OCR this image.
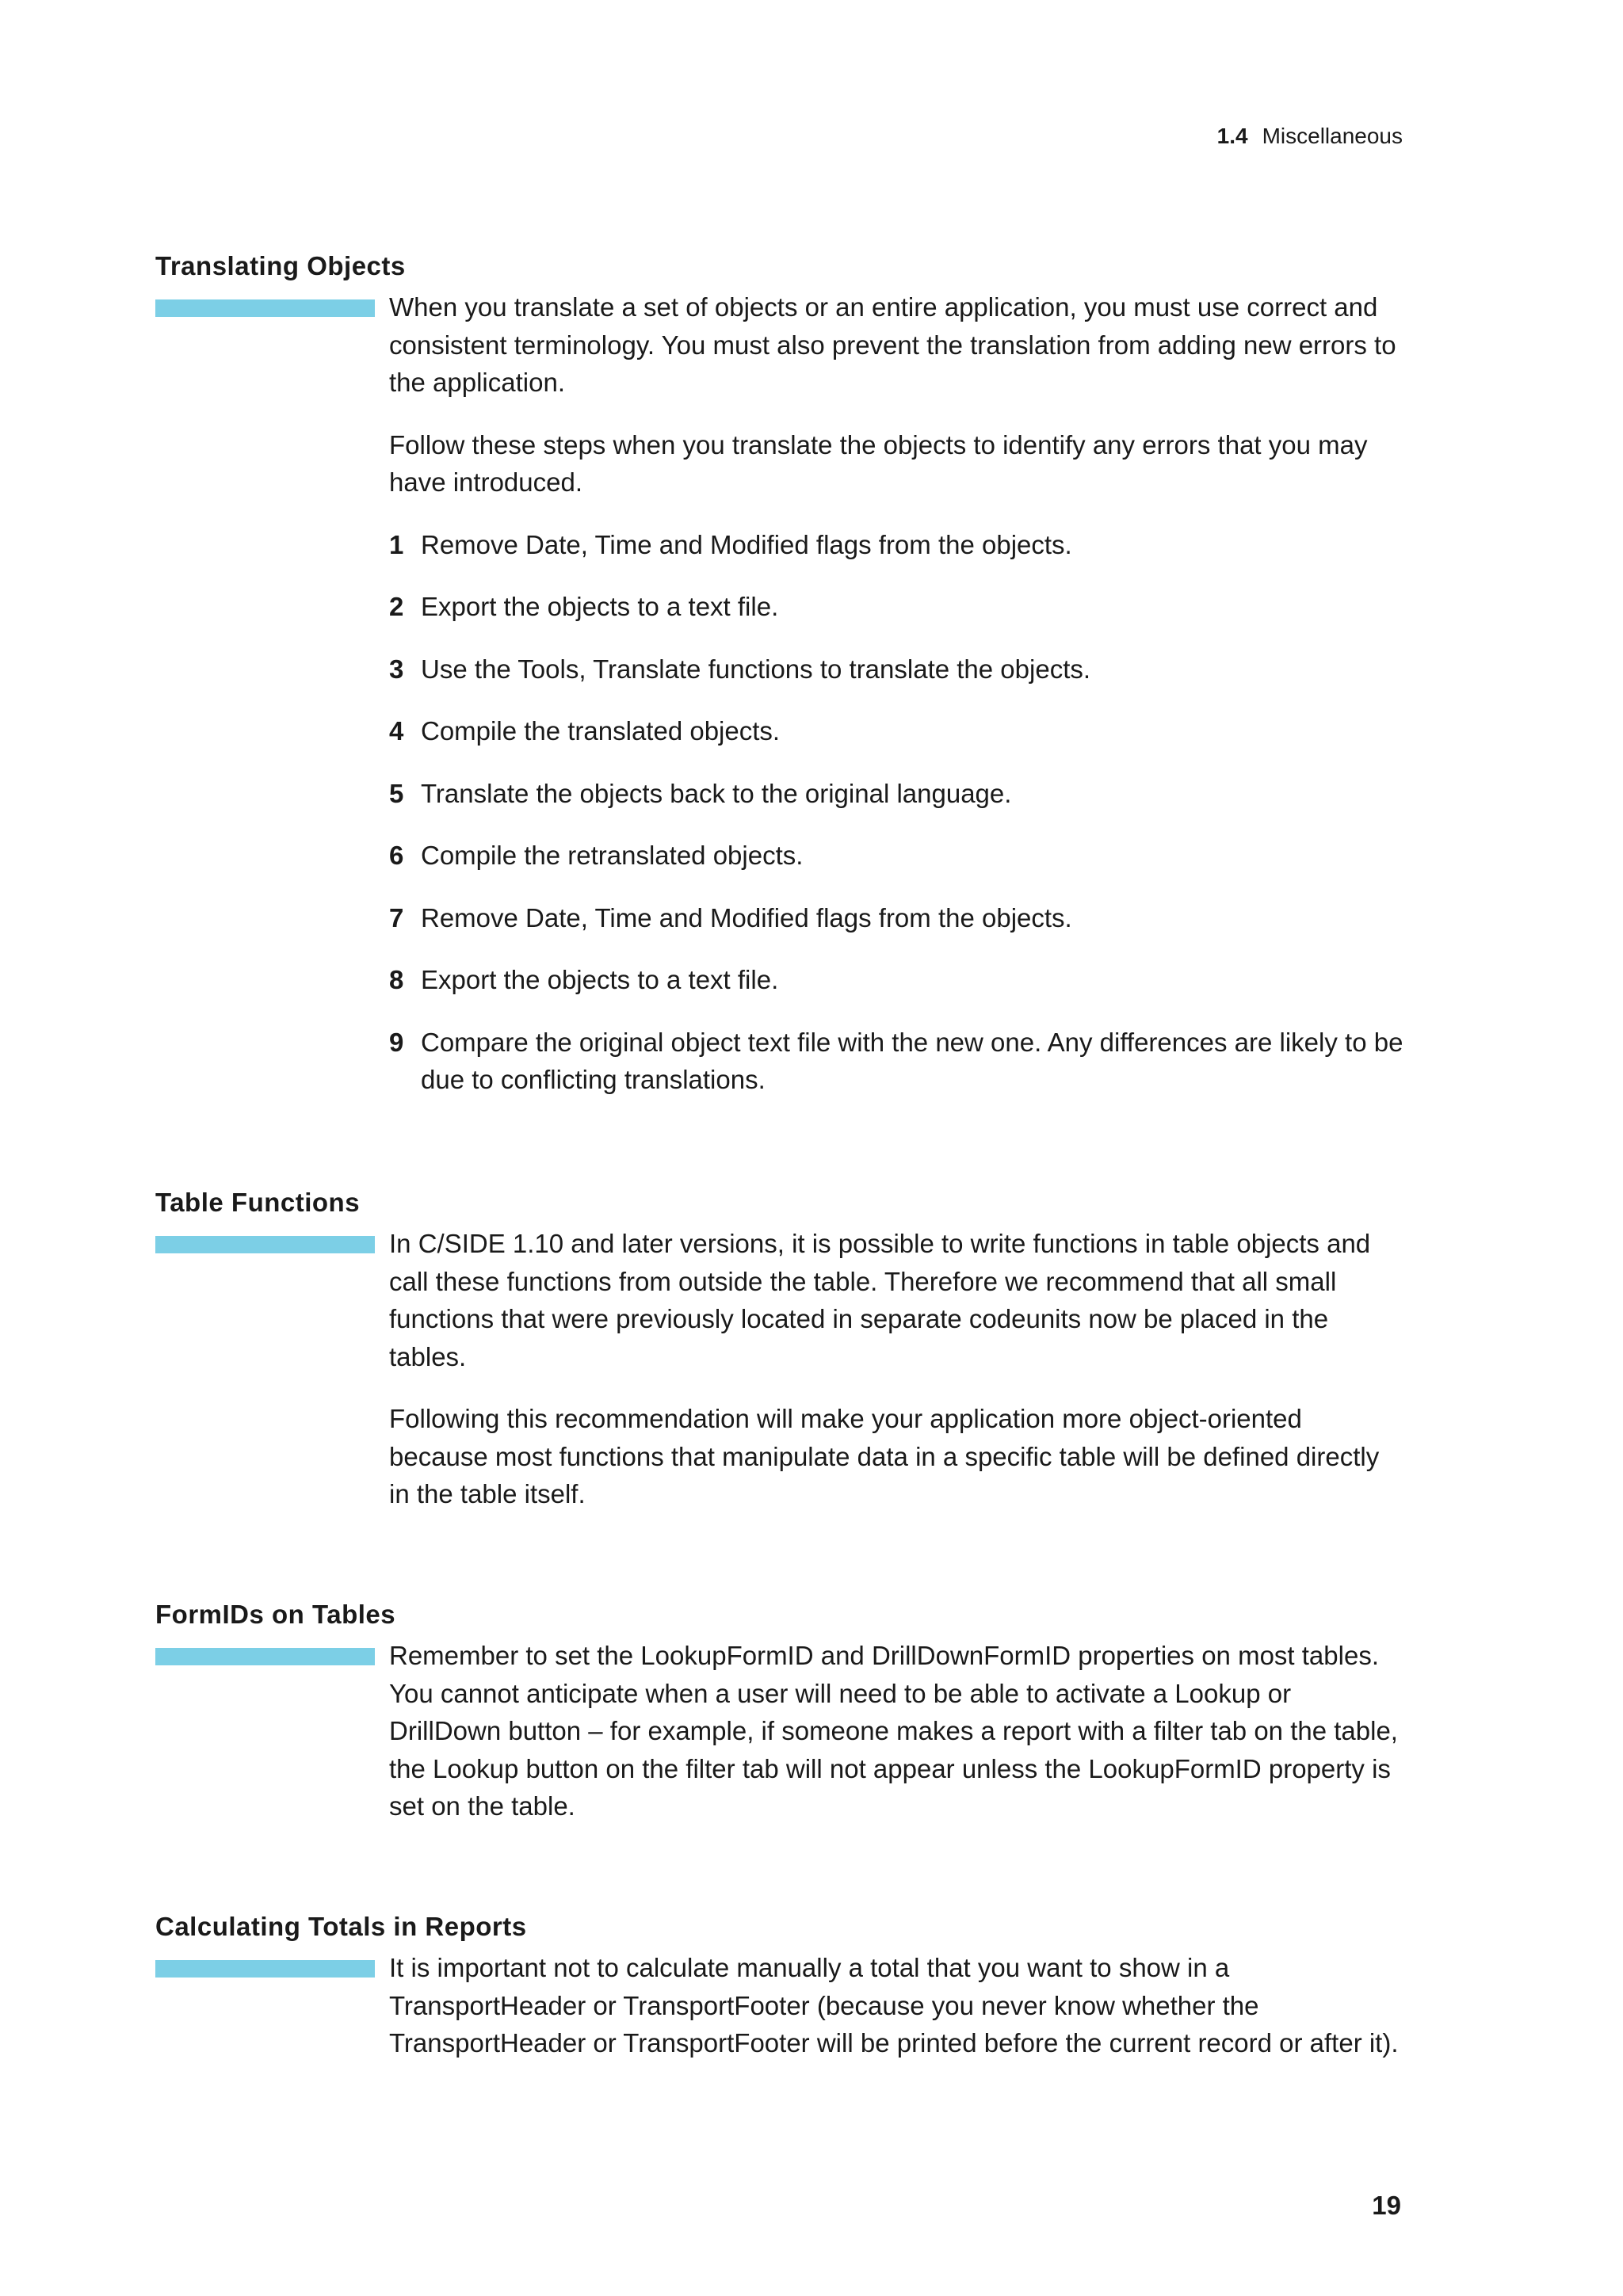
1.4 Miscellaneous
Translating Objects

When you translate a set of objects or an entire application, you must use correct and consistent terminology. You must also prevent the translation from adding new errors to the application.

Follow these steps when you translate the objects to identify any errors that you may have introduced.

1 Remove Date, Time and Modified flags from the objects.
2 Export the objects to a text file.
3 Use the Tools, Translate functions to translate the objects.
4 Compile the translated objects.
5 Translate the objects back to the original language.
6 Compile the retranslated objects.
7 Remove Date, Time and Modified flags from the objects.
8 Export the objects to a text file.
9 Compare the original object text file with the new one. Any differences are likely to be due to conflicting translations.
Table Functions

In C/SIDE 1.10 and later versions, it is possible to write functions in table objects and call these functions from outside the table. Therefore we recommend that all small functions that were previously located in separate codeunits now be placed in the tables.

Following this recommendation will make your application more object-oriented because most functions that manipulate data in a specific table will be defined directly in the table itself.

FormIDs on Tables

Remember to set the LookupFormID and DrillDownFormID properties on most tables. You cannot anticipate when a user will need to be able to activate a Lookup or DrillDown button – for example, if someone makes a report with a filter tab on the table, the Lookup button on the filter tab will not appear unless the LookupFormID property is set on the table.

Calculating Totals in Reports

It is important not to calculate manually a total that you want to show in a TransportHeader or TransportFooter (because you never know whether the TransportHeader or TransportFooter will be printed before the current record or after it).

19
